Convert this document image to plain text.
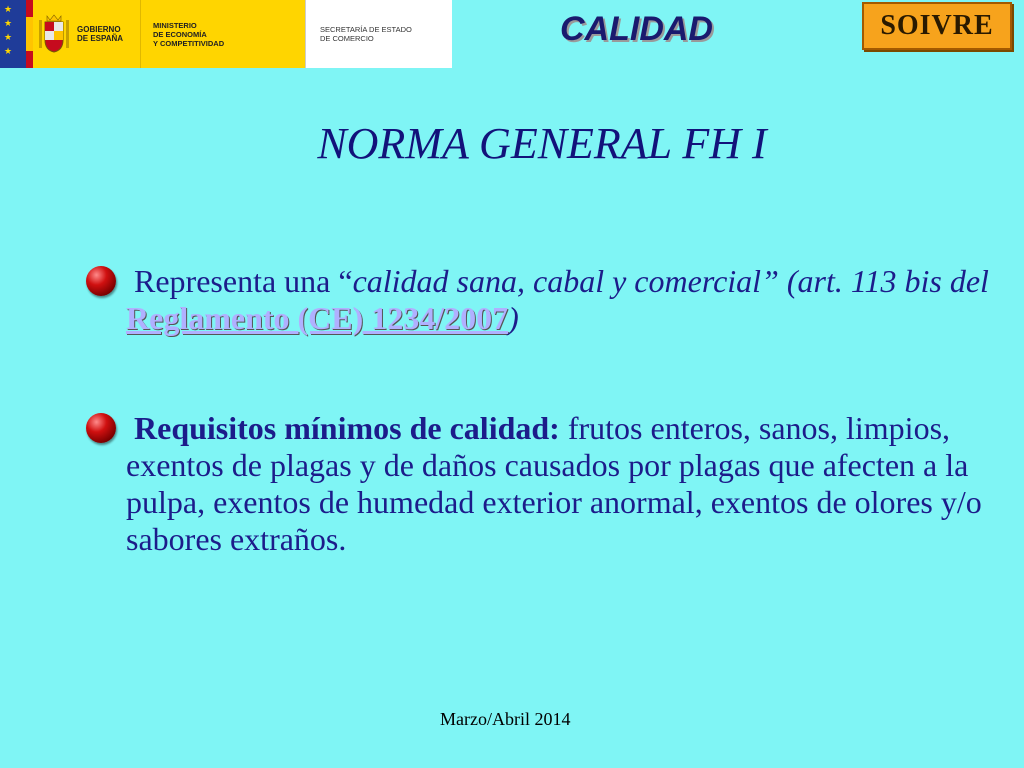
★
★
★
★
GOBIERNO
DE ESPAÑA
MINISTERIO
DE ECONOMÍA
Y COMPETITIVIDAD
SECRETARÍA DE ESTADO
DE COMERCIO	CALIDAD	SOIVRE
NORMA GENERAL FH I

Representa una “calidad sana, cabal y comercial” (art. 113 bis del Reglamento (CE) 1234/2007)

Requisitos mínimos de calidad: frutos enteros, sanos, limpios, exentos de plagas y de daños causados por plagas que afecten a la pulpa, exentos de humedad exterior anormal, exentos de olores y/o sabores extraños.

Marzo/Abril 2014
